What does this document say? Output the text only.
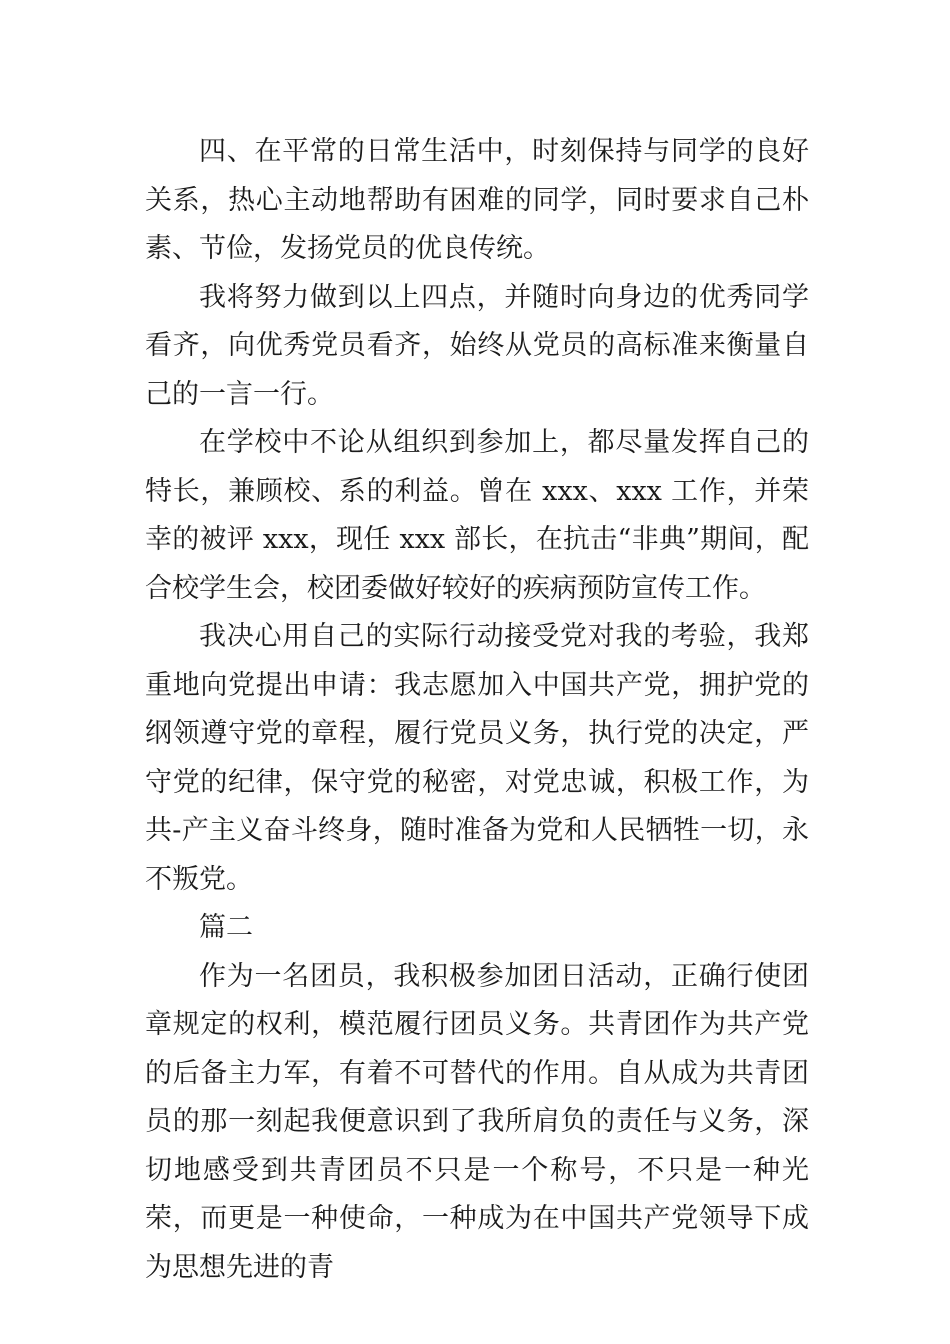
四、在平常的日常生活中，时刻保持与同学的良好关系，热心主动地帮助有困难的同学，同时要求自己朴素、节俭，发扬党员的优良传统。

我将努力做到以上四点，并随时向身边的优秀同学看齐，向优秀党员看齐，始终从党员的高标准来衡量自己的一言一行。

在学校中不论从组织到参加上，都尽量发挥自己的特长，兼顾校、系的利益。曾在 xxx、xxx 工作，并荣幸的被评 xxx，现任 xxx 部长，在抗击“非典”期间，配合校学生会，校团委做好较好的疾病预防宣传工作。

我决心用自己的实际行动接受党对我的考验，我郑重地向党提出申请：我志愿加入中国共产党，拥护党的纲领遵守党的章程，履行党员义务，执行党的决定，严守党的纪律，保守党的秘密，对党忠诚，积极工作，为共-产主义奋斗终身，随时准备为党和人民牺牲一切，永不叛党。

篇二

作为一名团员，我积极参加团日活动，正确行使团章规定的权利，模范履行团员义务。共青团作为共产党的后备主力军，有着不可替代的作用。自从成为共青团员的那一刻起我便意识到了我所肩负的责任与义务，深切地感受到共青团员不只是一个称号，不只是一种光荣，而更是一种使命，一种成为在中国共产党领导下成为思想先进的青
